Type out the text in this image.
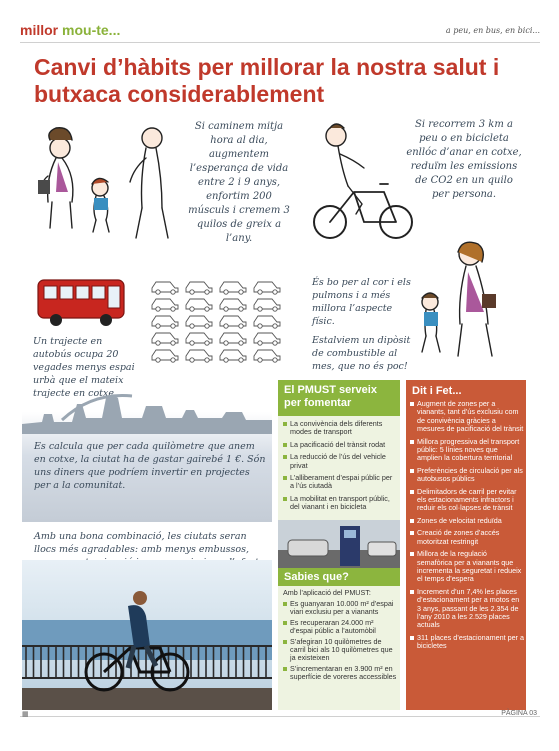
millor mou-te...	a peu, en bus, en bici...
Canvi d’hàbits per millorar la nostra salut i butxaca considerablement
Si caminem mitja hora al dia, augmentem l’esperança de vida entre 2 i 9 anys, enfortim 200 músculs i cremem 3 quilos de greix a l’any.
Si recorrem 3 km a peu o en bicicleta enllóc d’anar en cotxe, reduïm les emissions de CO2 en un quilo per persona.
Un trajecte en autobús ocupa 20 vegades menys espai urbà que el mateix trajecte en cotxe.

És bo per al cor i els pulmons i a més millora l’aspecte físic.

Estalviem un dipòsit de combustible al mes, que no és poc!

Es calcula que per cada quilòmetre que anem en cotxe, la ciutat ha de gastar gairebé 1 €. Són uns diners que podríem invertir en projectes per a la comunitat.
Amb una bona combinació, les ciutats seran llocs més agradables: amb menys embussos,
El PMUST serveix per fomentar
La convivència dels diferents modes de transport
La pacificació del trànsit rodat
La reducció de l’ús del vehicle privat
L’alliberament d’espai públic per a l’ús ciutadà
La mobilitat en transport públic, del vianant i en bicicleta
Sabies que?
Amb l’aplicació del PMUST:
Es guanyaran 10.000 m² d’espai viari exclusiu per a vianants
Es recuperaran 24.000 m² d’espai públic a l’automòbil
S’afegiran 10 quilòmetres de carril bici als 10 quilòmetres que ja existeixen
S’incrementaran en 3.900 m² en superfície de voreres accessibles
Dit i Fet...
Augment de zones per a vianants, tant d’ús exclusiu com de convivència gràcies a mesures de pacificació del trànsit
Millora progressiva del transport públic: 5 línies noves que amplien la cobertura territorial
Preferències de circulació per als autobusos públics
Delimitadors de carril per evitar els estacionaments infractors i reduir els col·lapses de trànsit
Zones de velocitat reduïda
Creació de zones d’accés motoritzat restringit
Millora de la regulació semafòrica per a vianants que incrementa la seguretat i redueix el temps d’espera
Increment d’un 7,4% les places d’estacionament per a motos en 3 anys, passant de les 2.354 de l’any 2010 a les 2.529 places actuals
311 places d’estacionament per a bicicletes
▦	PÀGINA 03
